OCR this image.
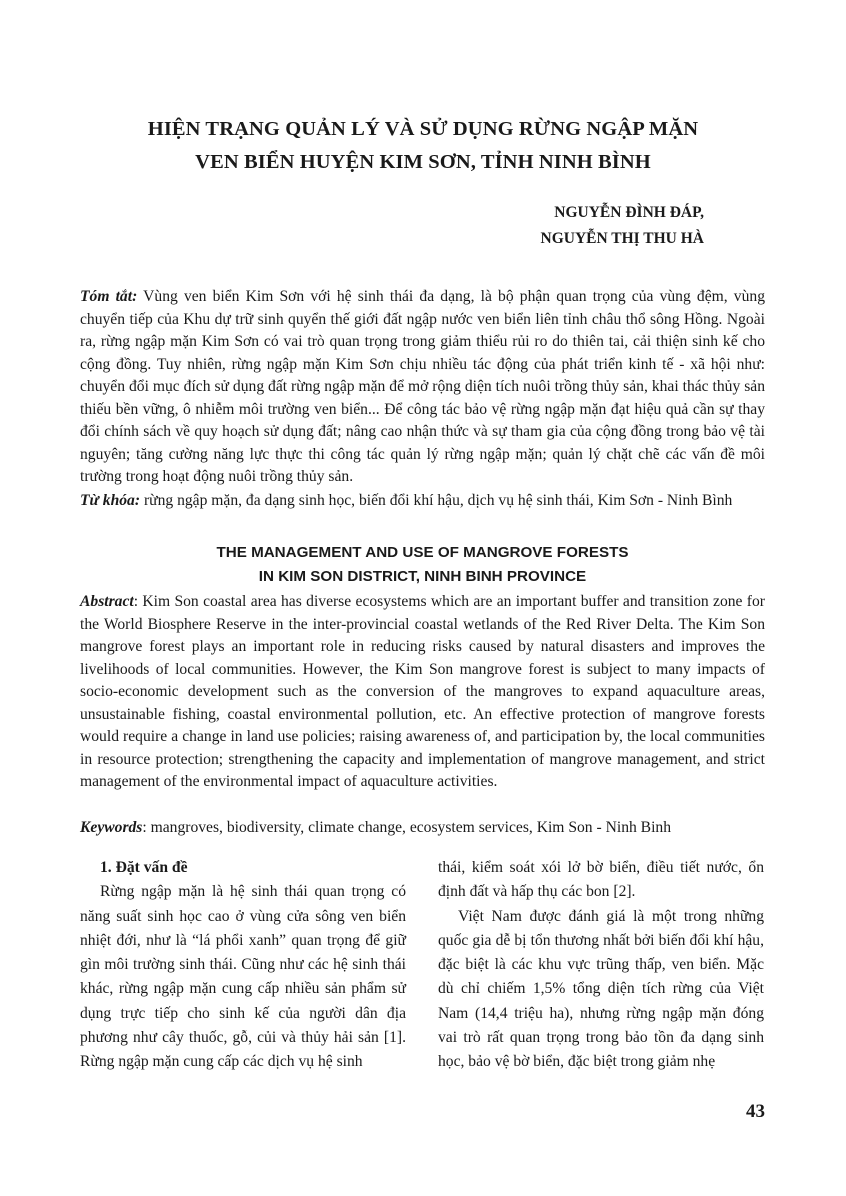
HIỆN TRẠNG QUẢN LÝ VÀ SỬ DỤNG RỪNG NGẬP MẶN
VEN BIỂN HUYỆN KIM SƠN, TỈNH NINH BÌNH
NGUYỄN ĐÌNH ĐÁP,
NGUYỄN THỊ THU HÀ
Tóm tắt: Vùng ven biển Kim Sơn với hệ sinh thái đa dạng, là bộ phận quan trọng của vùng đệm, vùng chuyển tiếp của Khu dự trữ sinh quyển thế giới đất ngập nước ven biển liên tỉnh châu thổ sông Hồng. Ngoài ra, rừng ngập mặn Kim Sơn có vai trò quan trọng trong giảm thiểu rủi ro do thiên tai, cải thiện sinh kế cho cộng đồng. Tuy nhiên, rừng ngập mặn Kim Sơn chịu nhiều tác động của phát triển kinh tế - xã hội như: chuyển đổi mục đích sử dụng đất rừng ngập mặn để mở rộng diện tích nuôi trồng thủy sản, khai thác thủy sản thiếu bền vững, ô nhiễm môi trường ven biển... Để công tác bảo vệ rừng ngập mặn đạt hiệu quả cần sự thay đổi chính sách về quy hoạch sử dụng đất; nâng cao nhận thức và sự tham gia của cộng đồng trong bảo vệ tài nguyên; tăng cường năng lực thực thi công tác quản lý rừng ngập mặn; quản lý chặt chẽ các vấn đề môi trường trong hoạt động nuôi trồng thủy sản.
Từ khóa: rừng ngập mặn, đa dạng sinh học, biến đổi khí hậu, dịch vụ hệ sinh thái, Kim Sơn - Ninh Bình
THE MANAGEMENT AND USE OF MANGROVE FORESTS
IN KIM SON DISTRICT, NINH BINH PROVINCE
Abstract: Kim Son coastal area has diverse ecosystems which are an important buffer and transition zone for the World Biosphere Reserve in the inter-provincial coastal wetlands of the Red River Delta. The Kim Son mangrove forest plays an important role in reducing risks caused by natural disasters and improves the livelihoods of local communities. However, the Kim Son mangrove forest is subject to many impacts of socio-economic development such as the conversion of the mangroves to expand aquaculture areas, unsustainable fishing, coastal environmental pollution, etc. An effective protection of mangrove forests would require a change in land use policies; raising awareness of, and participation by, the local communities in resource protection; strengthening the capacity and implementation of mangrove management, and strict management of the environmental impact of aquaculture activities.
Keywords: mangroves, biodiversity, climate change, ecosystem services, Kim Son - Ninh Binh
1. Đặt vấn đề

Rừng ngập mặn là hệ sinh thái quan trọng có năng suất sinh học cao ở vùng cửa sông ven biển nhiệt đới, như là “lá phổi xanh” quan trọng để giữ gìn môi trường sinh thái. Cũng như các hệ sinh thái khác, rừng ngập mặn cung cấp nhiều sản phẩm sử dụng trực tiếp cho sinh kế của người dân địa phương như cây thuốc, gỗ, củi và thủy hải sản [1]. Rừng ngập mặn cung cấp các dịch vụ hệ sinh

thái, kiểm soát xói lở bờ biển, điều tiết nước, ổn định đất và hấp thụ các bon [2].

Việt Nam được đánh giá là một trong những quốc gia dễ bị tổn thương nhất bởi biến đổi khí hậu, đặc biệt là các khu vực trũng thấp, ven biển. Mặc dù chỉ chiếm 1,5% tổng diện tích rừng của Việt Nam (14,4 triệu ha), nhưng rừng ngập mặn đóng vai trò rất quan trọng trong bảo tồn đa dạng sinh học, bảo vệ bờ biển, đặc biệt trong giảm nhẹ

43
